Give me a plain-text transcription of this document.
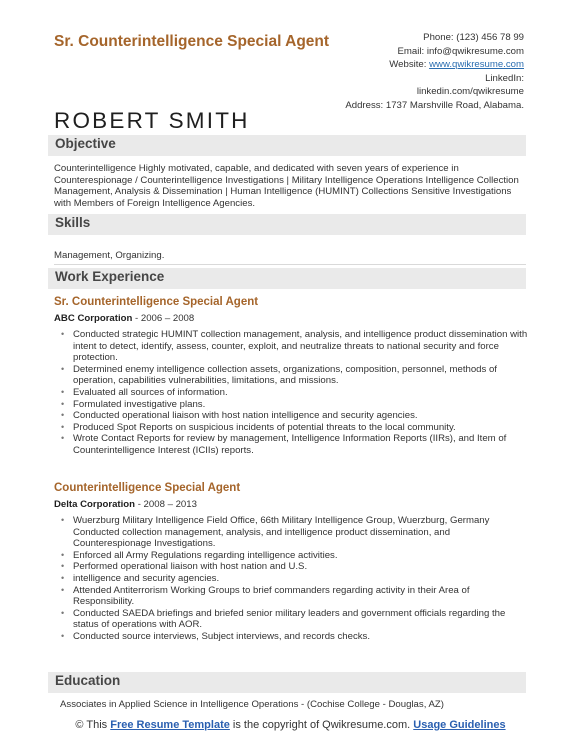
Sr. Counterintelligence Special Agent
ROBERT SMITH
Phone: (123) 456 78 99
Email: info@qwikresume.com
Website: www.qwikresume.com
LinkedIn:
linkedin.com/qwikresume
Address: 1737 Marshville Road, Alabama.
Objective
Counterintelligence Highly motivated, capable, and dedicated with seven years of experience in Counterespionage / Counterintelligence Investigations | Military Intelligence Operations Intelligence Collection Management, Analysis & Dissemination | Human Intelligence (HUMINT) Collections Sensitive Investigations with Members of Foreign Intelligence Agencies.
Skills
Management, Organizing.
Work Experience
Sr. Counterintelligence Special Agent
ABC Corporation - 2006 – 2008
• Conducted strategic HUMINT collection management, analysis, and intelligence product dissemination with intent to detect, identify, assess, counter, exploit, and neutralize threats to national security and force protection.
• Determined enemy intelligence collection assets, organizations, composition, personnel, methods of operation, capabilities vulnerabilities, limitations, and missions.
• Evaluated all sources of information.
• Formulated investigative plans.
• Conducted operational liaison with host nation intelligence and security agencies.
• Produced Spot Reports on suspicious incidents of potential threats to the local community.
• Wrote Contact Reports for review by management, Intelligence Information Reports (IIRs), and Item of Counterintelligence Interest (ICIIs) reports.
Counterintelligence Special Agent
Delta Corporation - 2008 – 2013
• Wuerzburg Military Intelligence Field Office, 66th Military Intelligence Group, Wuerzburg, Germany Conducted collection management, analysis, and intelligence product dissemination, and Counterespionage Investigations.
• Enforced all Army Regulations regarding intelligence activities.
• Performed operational liaison with host nation and U.S.
• intelligence and security agencies.
• Attended Antiterrorism Working Groups to brief commanders regarding activity in their Area of Responsibility.
• Conducted SAEDA briefings and briefed senior military leaders and government officials regarding the status of operations with AOR.
• Conducted source interviews, Subject interviews, and records checks.
Education
Associates in Applied Science in Intelligence Operations - (Cochise College - Douglas, AZ)
© This Free Resume Template is the copyright of Qwikresume.com. Usage Guidelines
